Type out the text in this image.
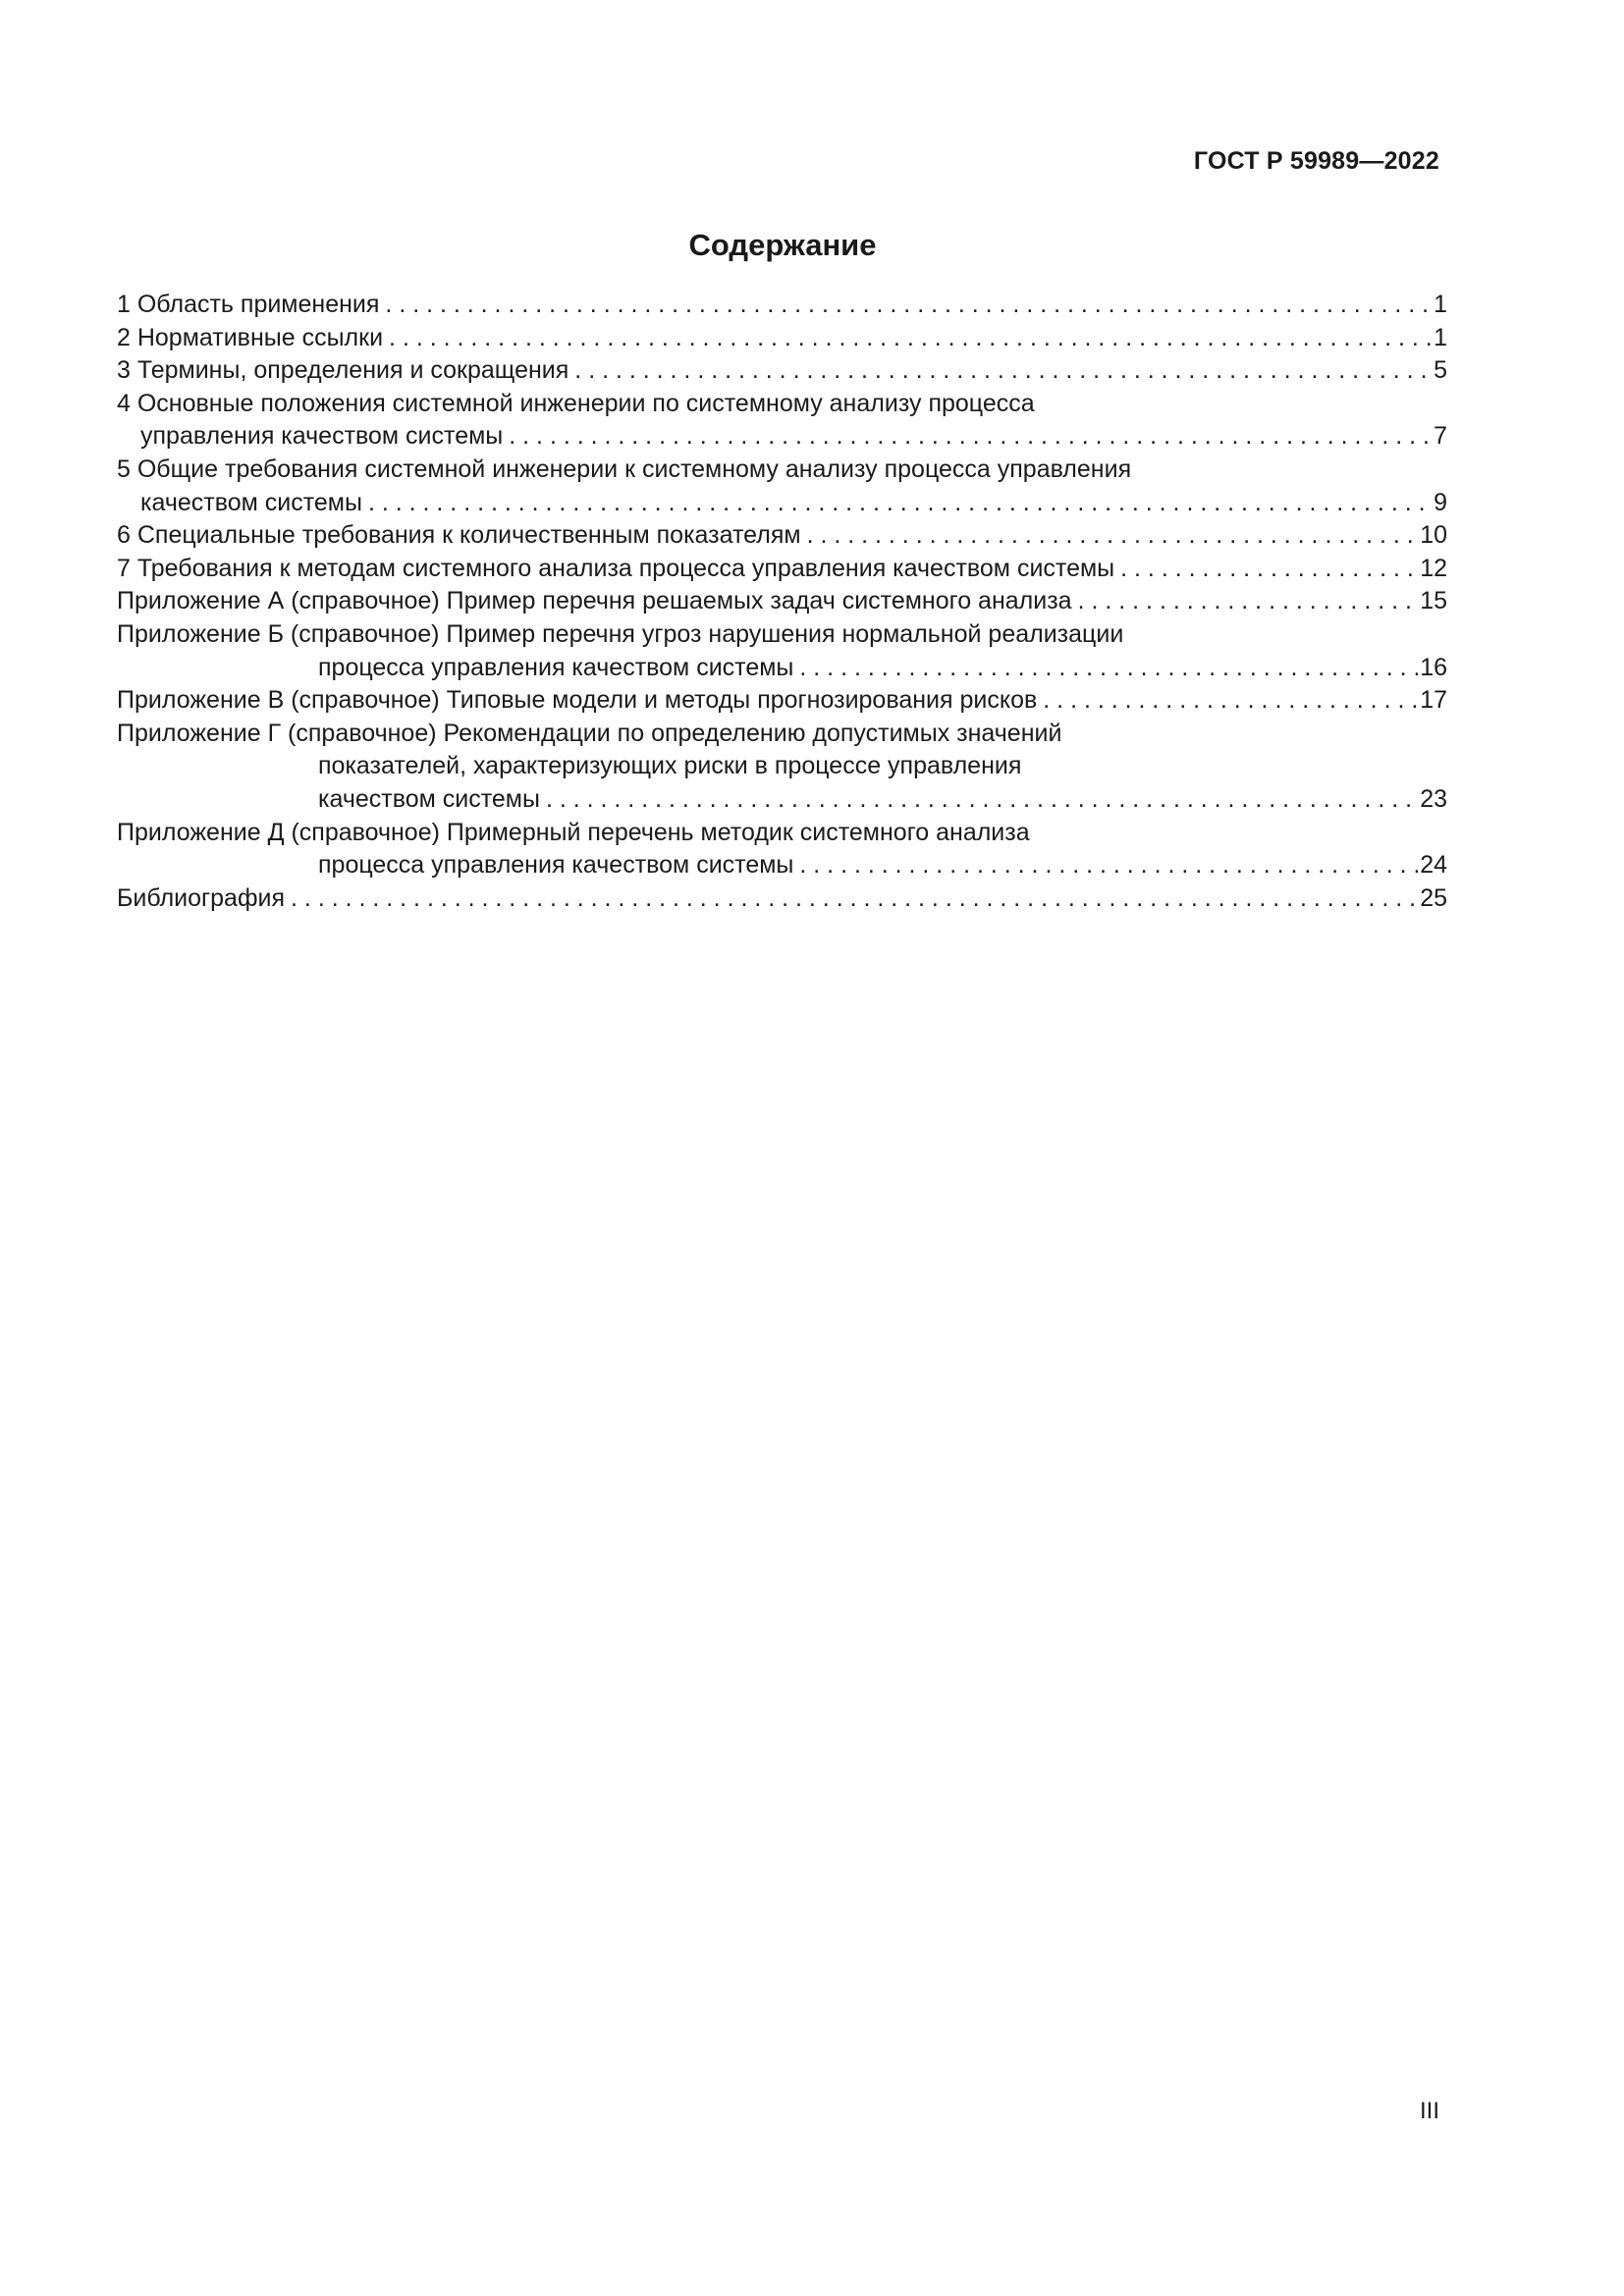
ГОСТ Р 59989—2022
Содержание
1 Область применения . . .	1
2 Нормативные ссылки . . .	1
3 Термины, определения и сокращения . . .	5
4 Основные положения системной инженерии по системному анализу процесса
управления качеством системы . . .	7
5 Общие требования системной инженерии к системному анализу процесса управления
качеством системы . . .	9
6 Специальные требования к количественным показателям . . .	10
7 Требования к методам системного анализа процесса управления качеством системы . . .	12
Приложение А (справочное) Пример перечня решаемых задач системного анализа . . .	15
Приложение Б (справочное) Пример перечня угроз нарушения нормальной реализации
процесса управления качеством системы . . .	16
Приложение В (справочное) Типовые модели и методы прогнозирования рисков . . .	17
Приложение Г (справочное) Рекомендации по определению допустимых значений
показателей, характеризующих риски в процессе управления
качеством системы . . .	23
Приложение Д (справочное) Примерный перечень методик системного анализа
процесса управления качеством системы . . .	24
Библиография . . .	25
III
